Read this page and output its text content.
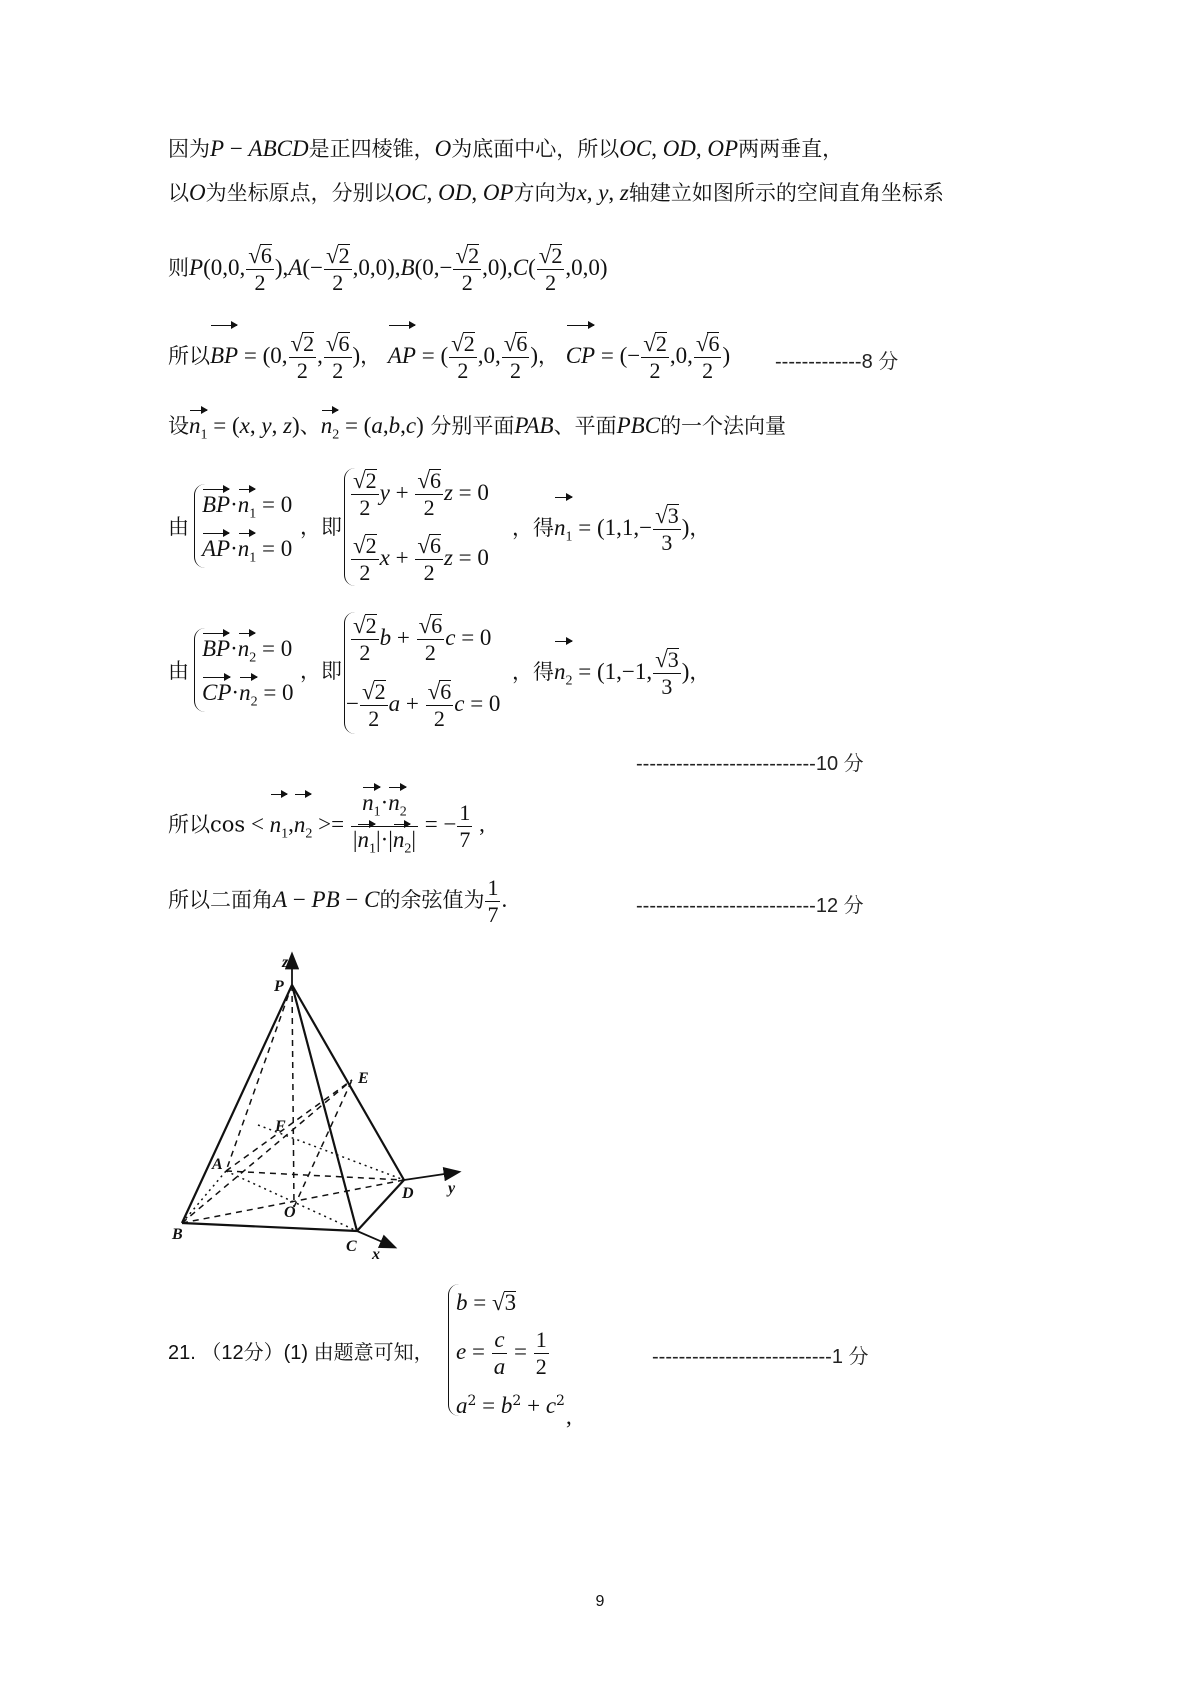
因为P − ABCD是正四棱锥，O为底面中心，所以OC, OD, OP两两垂直，
以O为坐标原点，分别以OC, OD, OP方向为x, y, z轴建立如图所示的空间直角坐标系
则P(0,0, $\frac{√6}{2} ),A(- \frac{√2}{2} ,0,0),B(0,- \frac{√2}{2} ,0),C( \frac{√2}{2} ,0,0)$
所以BP = (0, $\frac{√2}{2}$ , $\frac{√6}{2}$ )， AP = ( $\frac{√2}{2} ,0$, $\frac{√6}{2}$ )， CP = (− $\frac{√2}{2} ,0$, $\frac{√6}{2}$ ) -------------8 分
设$n_1 = (x$, y, z)、$n_2 = (a,b,c)$ 分别平面PAB、平面PBC的一个法向量
由
$BP\cdot n_1 = 0$
$AP\cdot n_1 = 0$
，即
$\frac{√2}{2}$ $y + \frac{√6}{2}$ z = 0
$\frac{√2}{2}$ $x + \frac{√6}{2}$ z = 0
，得$n_1 = (1,1,- \frac{√3}{3}$ )，
由
$BP\cdot n_2 = 0$
$CP\cdot n_2 = 0$
，即
$\frac{√2}{2}$ $b + \frac{√6}{2}$ c = 0
− $\frac{√2}{2}$ $a + \frac{√6}{2}$ c = 0
，得$n_2 = (1,-1$, $\frac{√3}{3}$ )，
---------------------------10 分
所以$\cos < n_1,n_2 >= \frac{n_1\cdot n_2}{|n_1|\cdot|n_2|}$ = − $\frac{1}{7}$ ,
所以二面角A − PB − C的余弦值为 $\frac{1}{7}$ .	---------------------------12 分
z
P
E
F
A
D y
O
B
C x
21. （12分）(1) 由题意可知，
b = √3
$e = \frac{c}{a} = \frac{1}{2}$
$a^2 = b^2 + c^2$
,
---------------------------1 分
9
